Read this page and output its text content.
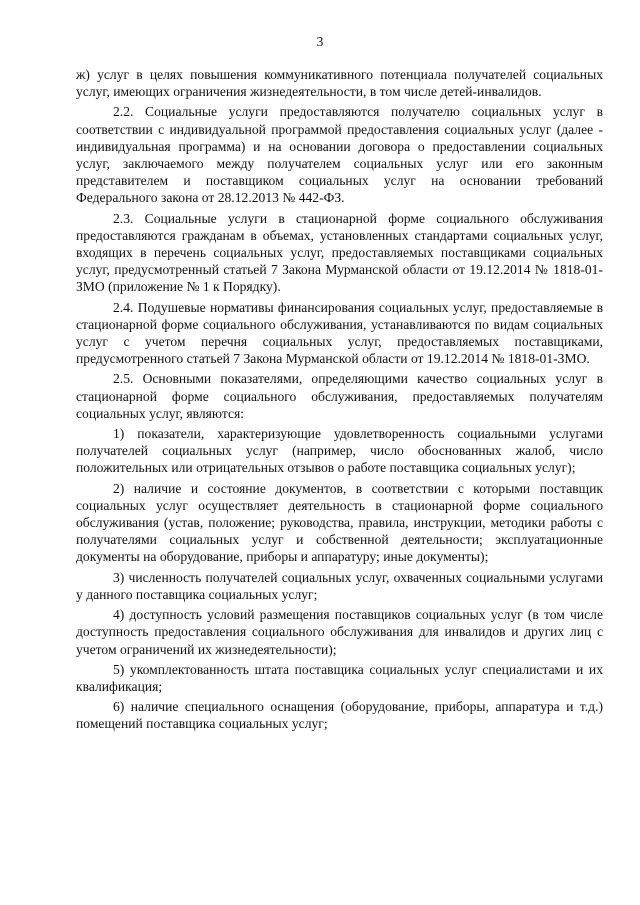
3

ж) услуг в целях повышения коммуникативного потенциала получателей социальных услуг, имеющих ограничения жизнедеятельности, в том числе детей-инвалидов.

2.2. Социальные услуги предоставляются получателю социальных услуг в соответствии с индивидуальной программой предоставления социальных услуг (далее - индивидуальная программа) и на основании договора о предоставлении социальных услуг, заключаемого между получателем социальных услуг или его законным представителем и поставщиком социальных услуг на основании требований Федерального закона от 28.12.2013 № 442-ФЗ.

2.3. Социальные услуги в стационарной форме социального обслуживания предоставляются гражданам в объемах, установленных стандартами социальных услуг, входящих в перечень социальных услуг, предоставляемых поставщиками социальных услуг, предусмотренный статьей 7 Закона Мурманской области от 19.12.2014 № 1818-01-ЗМО (приложение № 1 к Порядку).

2.4. Подушевые нормативы финансирования социальных услуг, предоставляемые в стационарной форме социального обслуживания, устанавливаются по видам социальных услуг с учетом перечня социальных услуг, предоставляемых поставщиками, предусмотренного статьей 7 Закона Мурманской области от 19.12.2014 № 1818-01-ЗМО.

2.5. Основными показателями, определяющими качество социальных услуг в стационарной форме социального обслуживания, предоставляемых получателям социальных услуг, являются:

1) показатели, характеризующие удовлетворенность социальными услугами получателей социальных услуг (например, число обоснованных жалоб, число положительных или отрицательных отзывов о работе поставщика социальных услуг);

2) наличие и состояние документов, в соответствии с которыми поставщик социальных услуг осуществляет деятельность в стационарной форме социального обслуживания (устав, положение; руководства, правила, инструкции, методики работы с получателями социальных услуг и собственной деятельности; эксплуатационные документы на оборудование, приборы и аппаратуру; иные документы);

3) численность получателей социальных услуг, охваченных социальными услугами у данного поставщика социальных услуг;

4) доступность условий размещения поставщиков социальных услуг (в том числе доступность предоставления социального обслуживания для инвалидов и других лиц с учетом ограничений их жизнедеятельности);

5) укомплектованность штата поставщика социальных услуг специалистами и их квалификация;

6) наличие специального оснащения (оборудование, приборы, аппаратура и т.д.) помещений поставщика социальных услуг;
